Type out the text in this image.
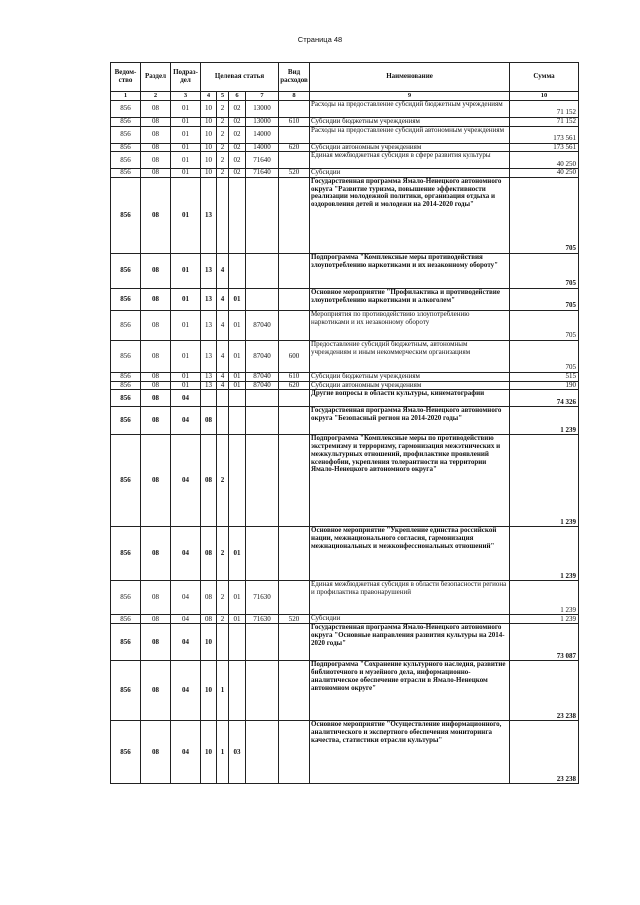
Страница 48
Ведом-ство	Раздел	Подраз-дел	Целевая статья				Вид расходов	Наименование	Сумма
1	2	3	4	5	6	7	8	9	10
856	08	01	10	2	02	13000		Расходы на предоставление субсидий бюджетным учреждениям	71 152
856	08	01	10	2	02	13000	610	Субсидии бюджетным учреждениям	71 152
856	08	01	10	2	02	14000		Расходы на предоставление субсидий автономным учреждениям	173 561
856	08	01	10	2	02	14000	620	Субсидии автономным учреждениям	173 561
856	08	01	10	2	02	71640		Единая межбюджетная субсидия в сфере развития культуры	40 250
856	08	01	10	2	02	71640	520	Субсидии	40 250
856	08	01	13					Государственная программа Ямало-Ненецкого автономного округа "Развитие туризма, повышение эффективности реализации молодежной политики, организация отдыха и оздоровления детей и молодежи на 2014-2020 годы"	705
856	08	01	13	4				Подпрограмма "Комплексные меры противодействия злоупотреблению наркотиками и их незаконному обороту"	705
856	08	01	13	4	01			Основное мероприятие "Профилактика и противодействие злоупотреблению наркотиками и алкоголем"	705
856	08	01	13	4	01	87040		Мероприятия по противодействию злоупотреблению наркотиками и их незаконному обороту	705
856	08	01	13	4	01	87040	600	Предоставление субсидий бюджетным, автономным учреждениям и иным некоммерческим организациям	705
856	08	01	13	4	01	87040	610	Субсидии бюджетным учреждениям	515
856	08	01	13	4	01	87040	620	Субсидии автономным учреждениям	190
856	08	04						Другие вопросы в области культуры, кинематографии	74 326
856	08	04	08					Государственная программа Ямало-Ненецкого автономного округа "Безопасный регион на 2014-2020 годы"	1 239
856	08	04	08	2				Подпрограмма "Комплексные меры по противодействию экстремизму и терроризму, гармонизация межэтнических и межкультурных отношений, профилактике проявлений ксенофобии, укрепления толерантности на территории Ямало-Ненецкого автономного округа"	1 239
856	08	04	08	2	01			Основное мероприятие "Укрепление единства российской нации, межнационального согласия, гармонизация межнациональных и межконфессиональных отношений"	1 239
856	08	04	08	2	01	71630		Единая межбюджетная субсидия в области безопасности региона и профилактика правонарушений	1 239
856	08	04	08	2	01	71630	520	Субсидии	1 239
856	08	04	10					Государственная программа Ямало-Ненецкого автономного округа "Основные направления развития культуры на 2014-2020 годы"	73 087
856	08	04	10	1				Подпрограмма "Сохранение культурного наследия, развитие библиотечного и музейного дела, информационно-аналитическое обеспечение отрасли в Ямало-Ненецком автономном округе"	23 238
856	08	04	10	1	03			Основное мероприятие "Осуществление информационного, аналитического и экспертного обеспечения мониторинга качества, статистики отрасли культуры"	23 238
